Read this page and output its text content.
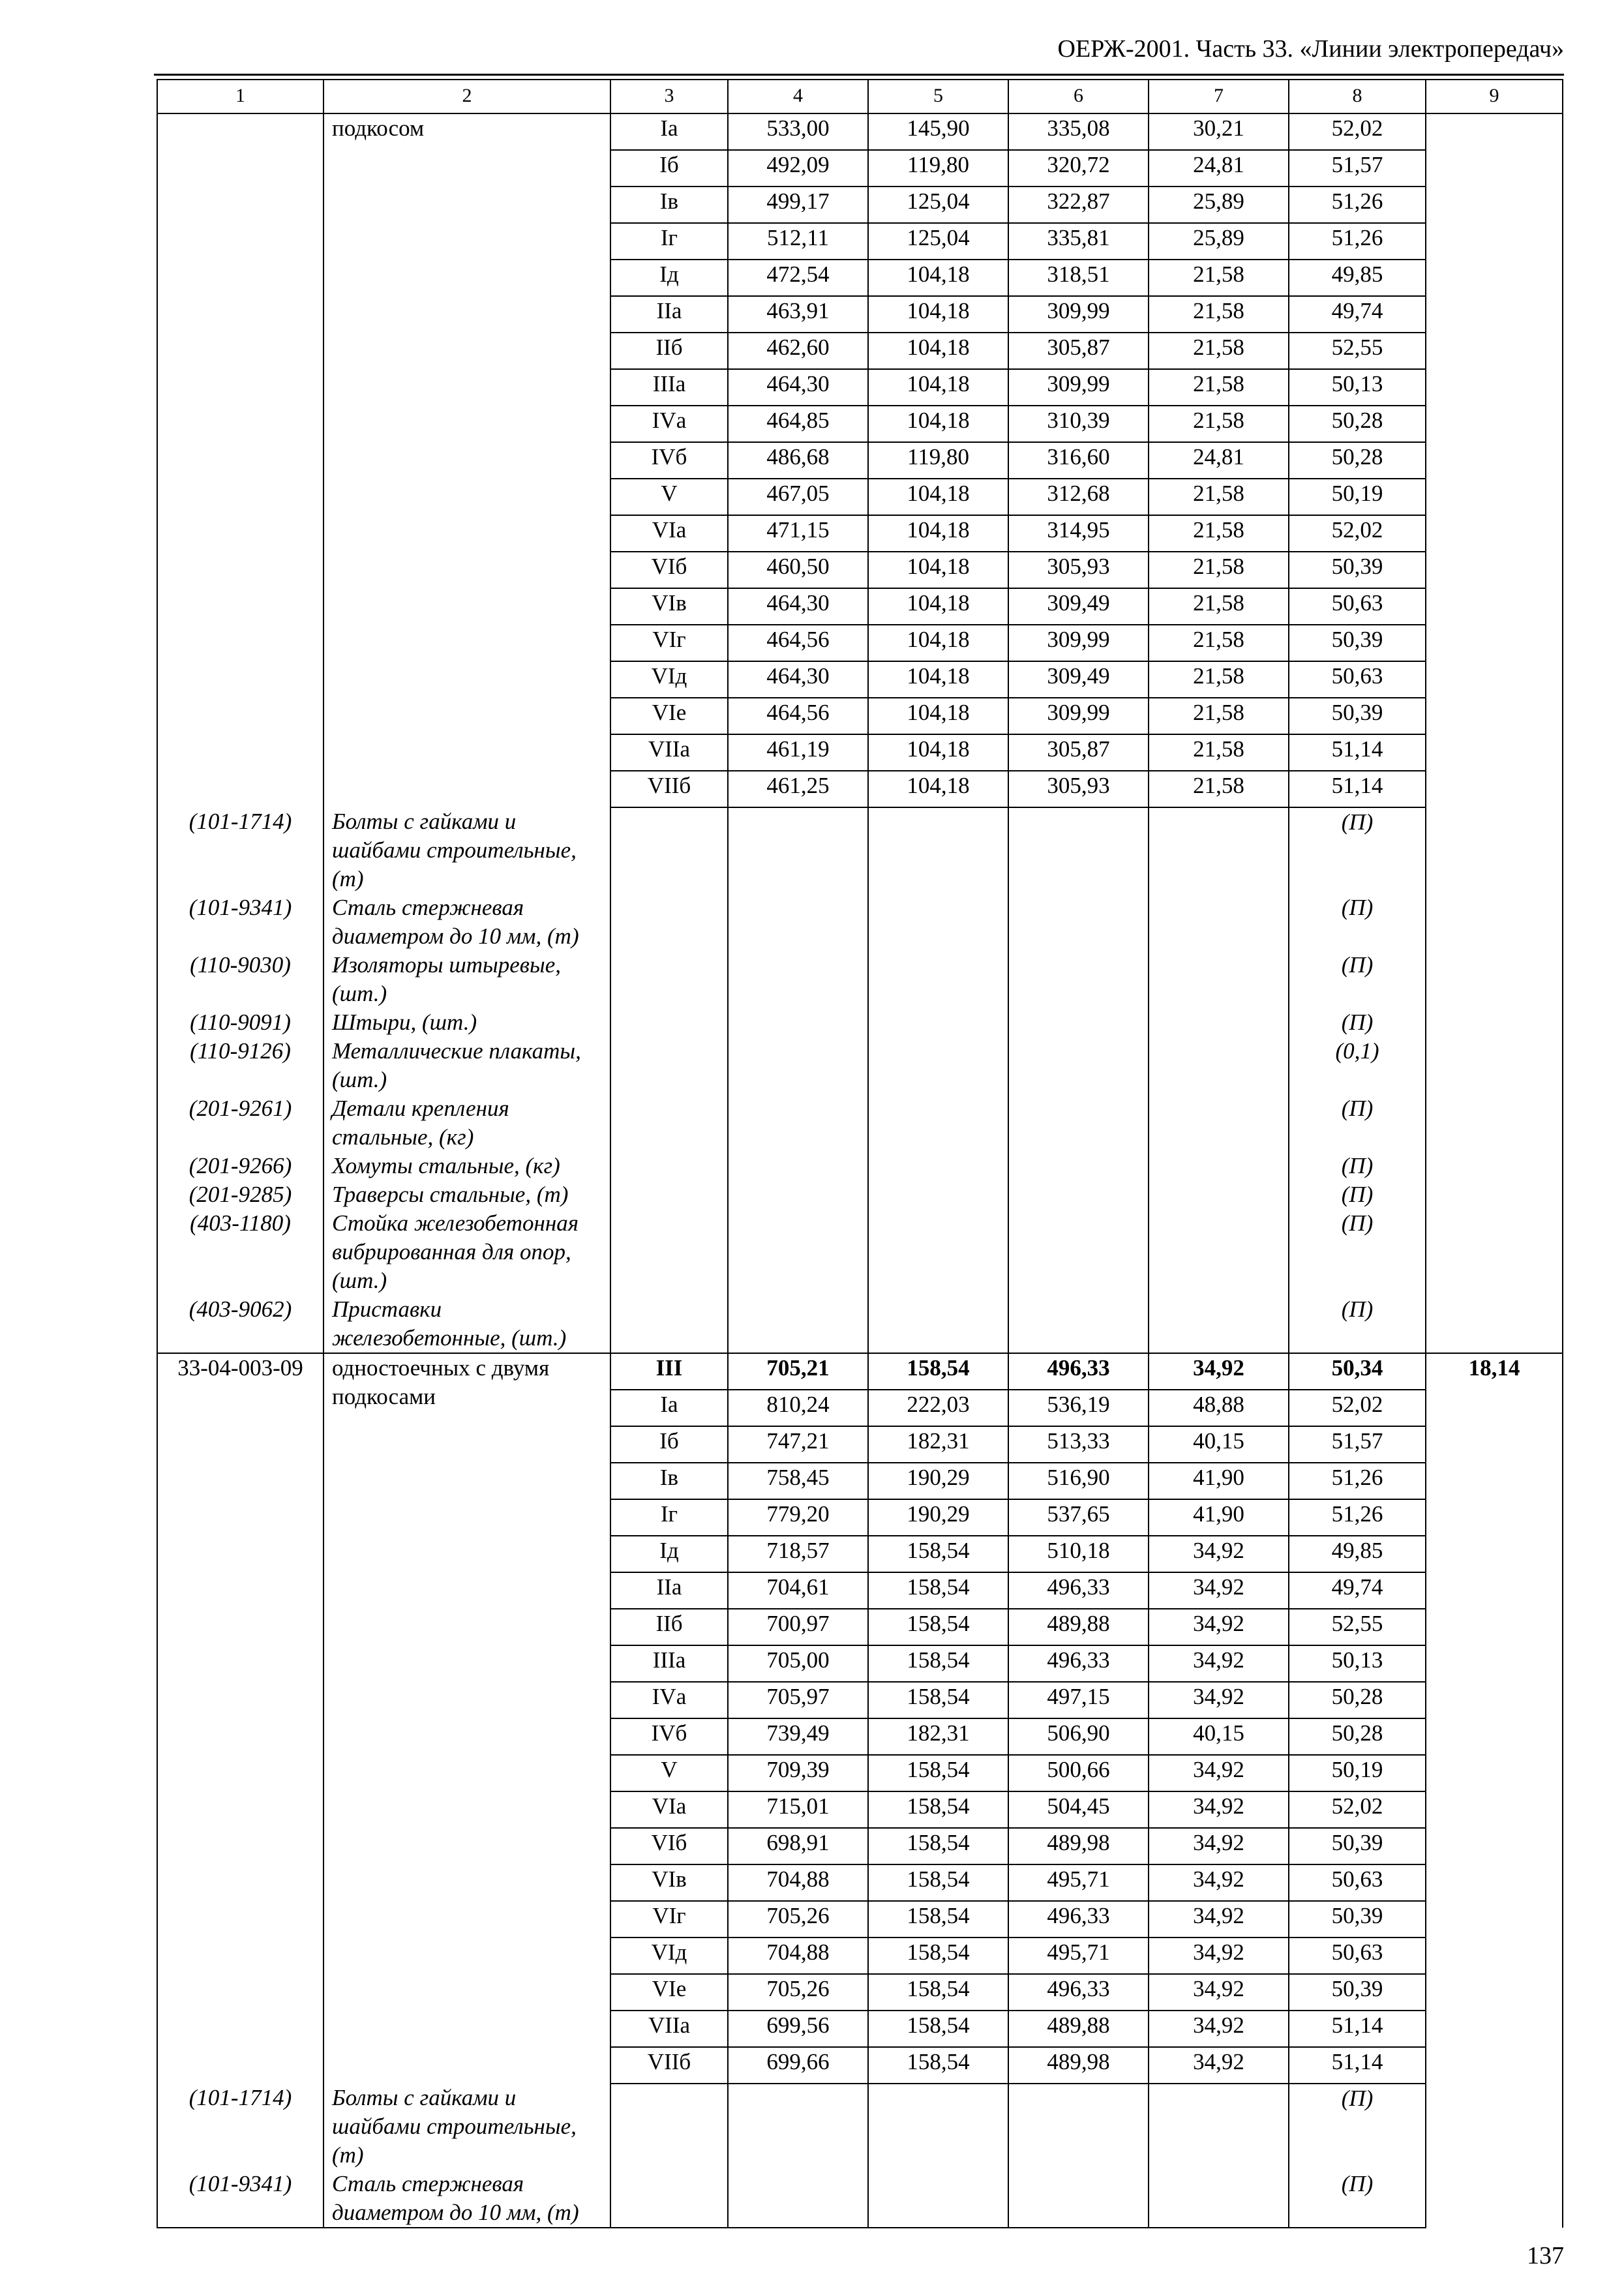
ОЕРЖ-2001. Часть 33. «Линии электропередач»
1	2	3	4	5	6	7	8	9
	подкосом	Iа	533,00	145,90	335,08	30,21	52,02	
		Iб	492,09	119,80	320,72	24,81	51,57	
		Iв	499,17	125,04	322,87	25,89	51,26	
		Iг	512,11	125,04	335,81	25,89	51,26	
		Iд	472,54	104,18	318,51	21,58	49,85	
		IIа	463,91	104,18	309,99	21,58	49,74	
		IIб	462,60	104,18	305,87	21,58	52,55	
		IIIа	464,30	104,18	309,99	21,58	50,13	
		IVа	464,85	104,18	310,39	21,58	50,28	
		IVб	486,68	119,80	316,60	24,81	50,28	
		V	467,05	104,18	312,68	21,58	50,19	
		VIа	471,15	104,18	314,95	21,58	52,02	
		VIб	460,50	104,18	305,93	21,58	50,39	
		VIв	464,30	104,18	309,49	21,58	50,63	
		VIг	464,56	104,18	309,99	21,58	50,39	
		VIд	464,30	104,18	309,49	21,58	50,63	
		VIе	464,56	104,18	309,99	21,58	50,39	
		VIIа	461,19	104,18	305,87	21,58	51,14	
		VIIб	461,25	104,18	305,93	21,58	51,14	
(101-1714)	Болты с гайками и шайбами строительные, (т)						(П)	
(101-9341)	Сталь стержневая диаметром до 10 мм, (т)						(П)	
(110-9030)	Изоляторы штыревые, (шт.)						(П)	
(110-9091)	Штыри, (шт.)						(П)	
(110-9126)	Металлические плакаты, (шт.)						(0,1)	
(201-9261)	Детали крепления стальные, (кг)						(П)	
(201-9266)	Хомуты стальные, (кг)						(П)	
(201-9285)	Траверсы стальные, (т)						(П)	
(403-1180)	Стойка железобетонная вибрированная для опор, (шт.)						(П)	
(403-9062)	Приставки железобетонные, (шт.)						(П)	
33-04-003-09	одностоечных с двумя подкосами	III	705,21	158,54	496,33	34,92	50,34	18,14
		Iа	810,24	222,03	536,19	48,88	52,02	
		Iб	747,21	182,31	513,33	40,15	51,57	
		Iв	758,45	190,29	516,90	41,90	51,26	
		Iг	779,20	190,29	537,65	41,90	51,26	
		Iд	718,57	158,54	510,18	34,92	49,85	
		IIа	704,61	158,54	496,33	34,92	49,74	
		IIб	700,97	158,54	489,88	34,92	52,55	
		IIIа	705,00	158,54	496,33	34,92	50,13	
		IVа	705,97	158,54	497,15	34,92	50,28	
		IVб	739,49	182,31	506,90	40,15	50,28	
		V	709,39	158,54	500,66	34,92	50,19	
		VIа	715,01	158,54	504,45	34,92	52,02	
		VIб	698,91	158,54	489,98	34,92	50,39	
		VIв	704,88	158,54	495,71	34,92	50,63	
		VIг	705,26	158,54	496,33	34,92	50,39	
		VIд	704,88	158,54	495,71	34,92	50,63	
		VIе	705,26	158,54	496,33	34,92	50,39	
		VIIа	699,56	158,54	489,88	34,92	51,14	
		VIIб	699,66	158,54	489,98	34,92	51,14	
(101-1714)	Болты с гайками и шайбами строительные, (т)						(П)	
(101-9341)	Сталь стержневая диаметром до 10 мм, (т)						(П)	
137
